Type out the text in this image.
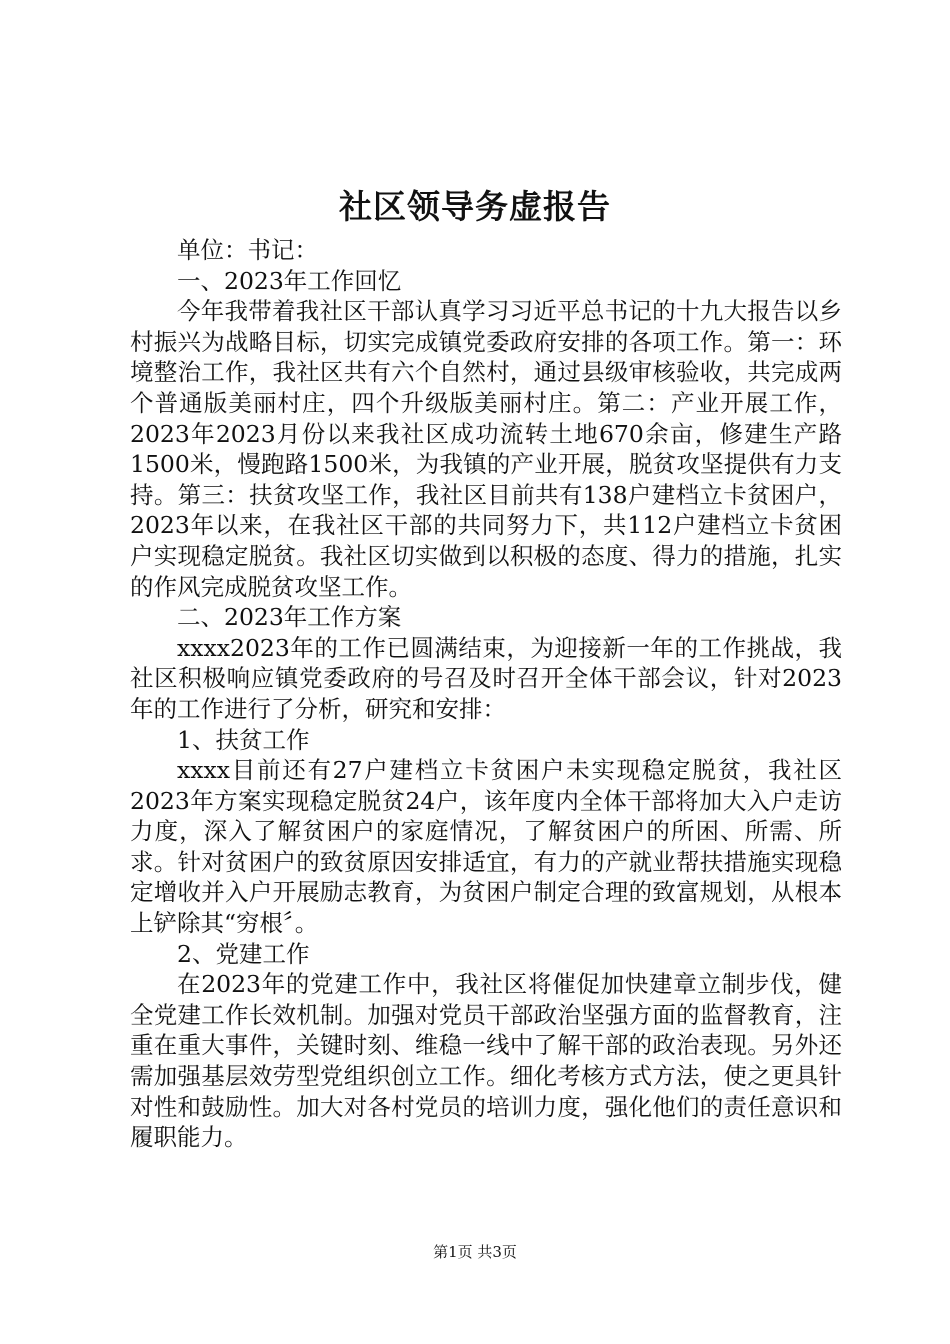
社区领导务虚报告

单位：书记：

一、2023年工作回忆

今年我带着我社区干部认真学习习近平总书记的十九大报告以乡村振兴为战略目标，切实完成镇党委政府安排的各项工作。第一：环境整治工作，我社区共有六个自然村，通过县级审核验收，共完成两个普通版美丽村庄，四个升级版美丽村庄。第二：产业开展工作，2023年2023月份以来我社区成功流转土地670余亩，修建生产路1500米，慢跑路1500米，为我镇的产业开展，脱贫攻坚提供有力支持。第三：扶贫攻坚工作，我社区目前共有138户建档立卡贫困户，2023年以来，在我社区干部的共同努力下，共112户建档立卡贫困户实现稳定脱贫。我社区切实做到以积极的态度、得力的措施，扎实的作风完成脱贫攻坚工作。

二、2023年工作方案

xxxx2023年的工作已圆满结束，为迎接新一年的工作挑战，我社区积极响应镇党委政府的号召及时召开全体干部会议，针对2023年的工作进行了分析，研究和安排：

1、扶贫工作

xxxx目前还有27户建档立卡贫困户未实现稳定脱贫，我社区2023年方案实现稳定脱贫24户，该年度内全体干部将加大入户走访力度，深入了解贫困户的家庭情况，了解贫困户的所困、所需、所求。针对贫困户的致贫原因安排适宜，有力的产就业帮扶措施实现稳定增收并入户开展励志教育，为贫困户制定合理的致富规划，从根本上铲除其“穷根〞。

2、党建工作

在2023年的党建工作中，我社区将催促加快建章立制步伐，健全党建工作长效机制。加强对党员干部政治坚强方面的监督教育，注重在重大事件，关键时刻、维稳一线中了解干部的政治表现。另外还需加强基层效劳型党组织创立工作。细化考核方式方法，使之更具针对性和鼓励性。加大对各村党员的培训力度，强化他们的责任意识和履职能力。

第1页 共3页
